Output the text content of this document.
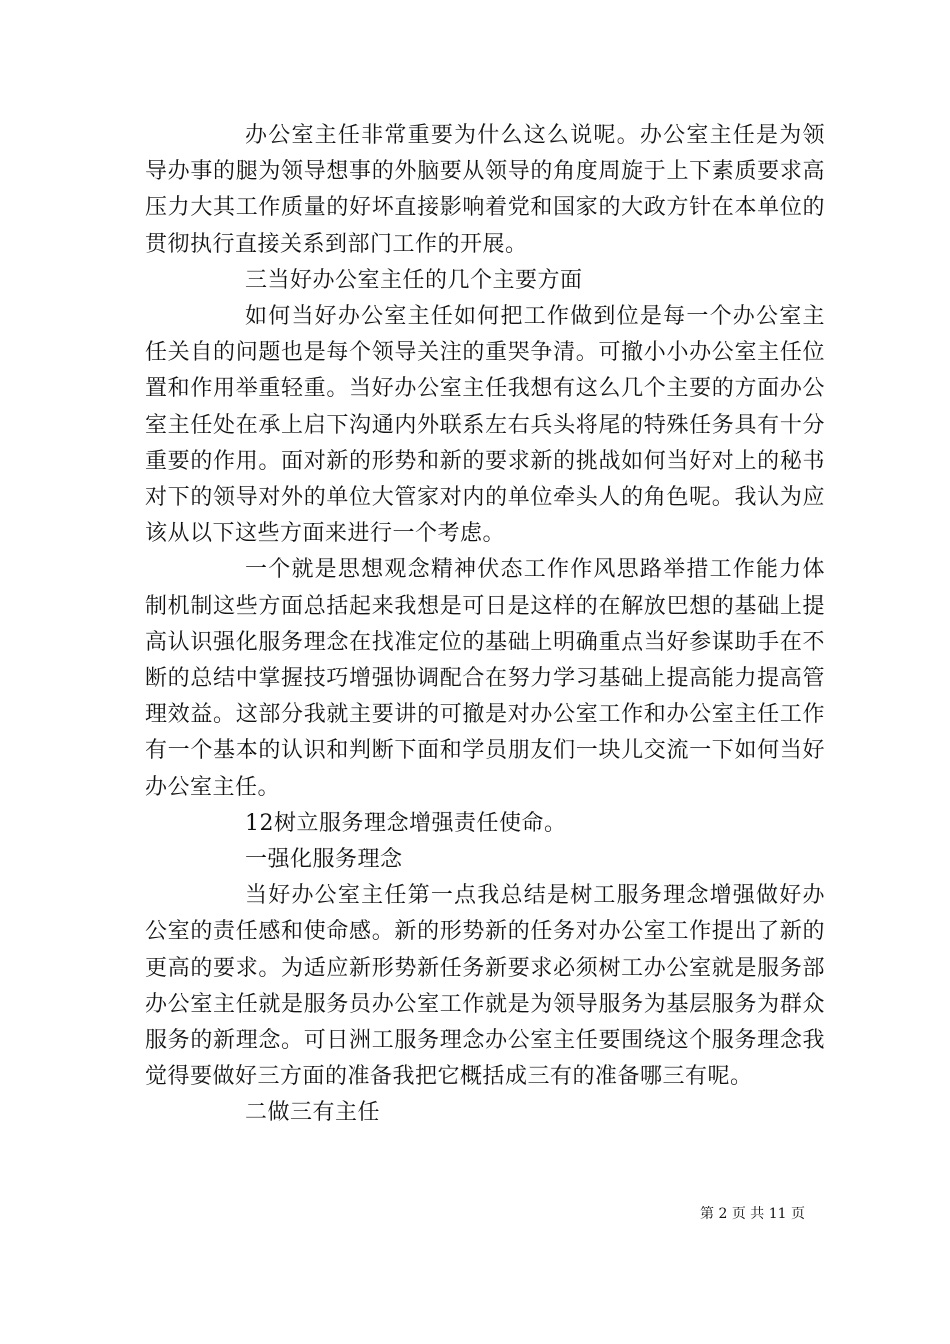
办公室主任非常重要为什么这么说呢。办公室主任是为领导办事的腿为领导想事的外脑要从领导的角度周旋于上下素质要求高压力大其工作质量的好坏直接影响着党和国家的大政方针在本单位的贯彻执行直接关系到部门工作的开展。

三当好办公室主任的几个主要方面

如何当好办公室主任如何把工作做到位是每一个办公室主任关自的问题也是每个领导关注的重哭争清。可撤小小办公室主任位置和作用举重轻重。当好办公室主任我想有这么几个主要的方面办公室主任处在承上启下沟通内外联系左右兵头将尾的特殊任务具有十分重要的作用。面对新的形势和新的要求新的挑战如何当好对上的秘书对下的领导对外的单位大管家对内的单位牵头人的角色呢。我认为应该从以下这些方面来进行一个考虑。

一个就是思想观念精神伏态工作作风思路举措工作能力体制机制这些方面总括起来我想是可日是这样的在解放巴想的基础上提高认识强化服务理念在找准定位的基础上明确重点当好参谋助手在不断的总结中掌握技巧增强协调配合在努力学习基础上提高能力提高管理效益。这部分我就主要讲的可撤是对办公室工作和办公室主任工作有一个基本的认识和判断下面和学员朋友们一块儿交流一下如何当好办公室主任。

12树立服务理念增强责任使命。

一强化服务理念

当好办公室主任第一点我总结是树工服务理念增强做好办公室的责任感和使命感。新的形势新的任务对办公室工作提出了新的更高的要求。为适应新形势新任务新要求必须树工办公室就是服务部办公室主任就是服务员办公室工作就是为领导服务为基层服务为群众服务的新理念。可日洲工服务理念办公室主任要围绕这个服务理念我觉得要做好三方面的准备我把它概括成三有的准备哪三有呢。

二做三有主任

第 2 页 共 11 页
